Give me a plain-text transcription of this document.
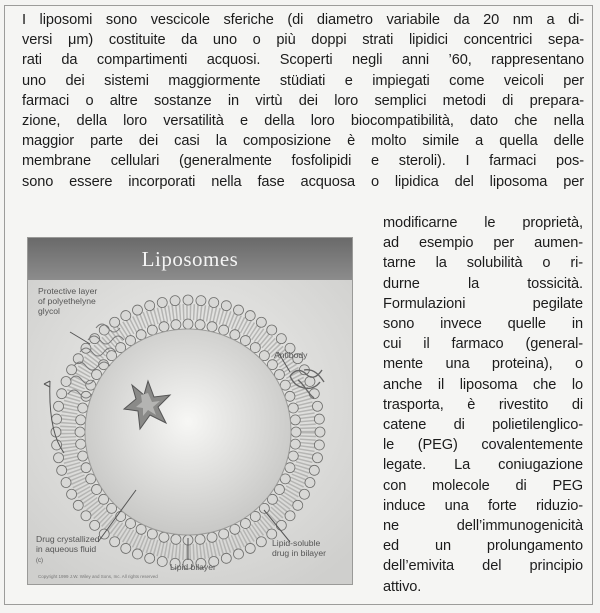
I liposomi sono vescicole sferiche (di diametro variabile da 20 nm a di-
versi μm) costituite da uno o più doppi strati lipidici concentrici sepa-
rati da compartimenti acquosi. Scoperti negli anni ’60, rappresentano
uno dei sistemi maggiormente stüdiati e impiegati come veicoli per
farmaci o altre sostanze in virtù dei loro semplici metodi di prepara-
zione, della loro versatilità e della loro biocompatibilità, dato che nella
maggior parte dei casi la composizione è molto simile a quella delle
membrane cellulari (generalmente fosfolipidi e steroli). I farmaci pos-
sono essere incorporati nella fase acquosa o lipidica del liposoma per
modificarne le proprietà,
ad esempio per aumen-
tarne la solubilità o ri-
durne la tossicità.
Formulazioni pegilate
sono invece quelle in
cui il farmaco (general-
mente una proteina), o
anche il liposoma che lo
trasporta, è rivestito di
catene di polietilenglico-
le (PEG) covalentemente
legate. La coniugazione
con molecole di PEG
induce una forte riduzio-
ne dell’immunogenicità
ed un prolungamento
dell’emivita del principio
attivo.
Liposomes
Protective layer
of polyethelyne
glycol
Antibody
Drug crystallized
in aqueous fluid
Lipid-soluble
drug in bilayer
Lipid bilayer
(c)
Copyright 1999 J.W. Wiley and Sons, Inc. All rights reserved
